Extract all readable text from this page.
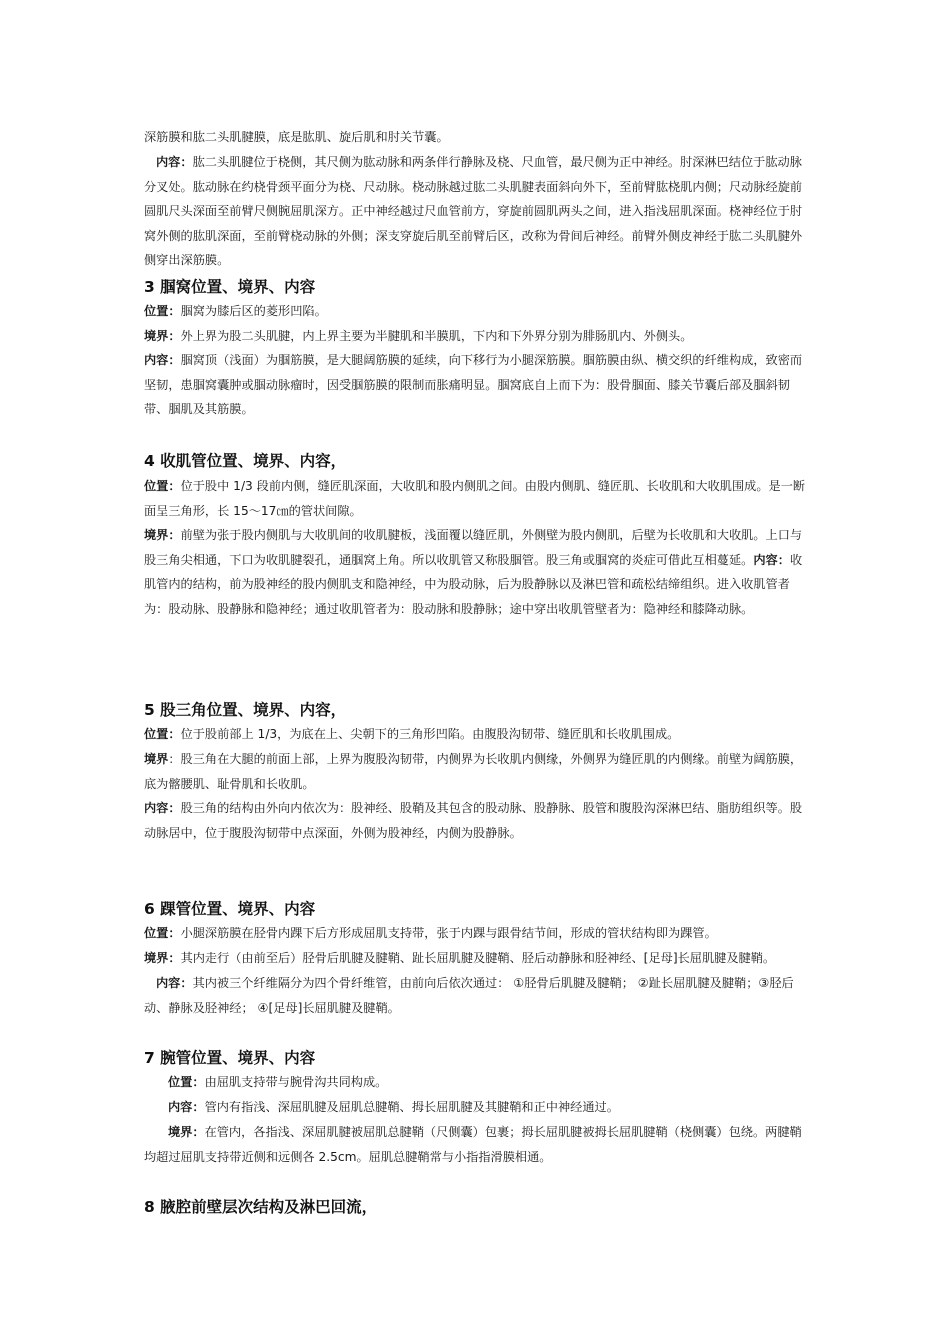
深筋膜和肱二头肌腱膜，底是肱肌、旋后肌和肘关节囊。

内容：肱二头肌腱位于桡侧，其尺侧为肱动脉和两条伴行静脉及桡、尺血管，最尺侧为正中神经。肘深淋巴结位于肱动脉分叉处。肱动脉在约桡骨颈平面分为桡、尺动脉。桡动脉越过肱二头肌腱表面斜向外下，至前臂肱桡肌内侧；尺动脉经旋前圆肌尺头深面至前臂尺侧腕屈肌深方。正中神经越过尺血管前方，穿旋前圆肌两头之间，进入指浅屈肌深面。桡神经位于肘窝外侧的肱肌深面，至前臂桡动脉的外侧；深支穿旋后肌至前臂后区，改称为骨间后神经。前臂外侧皮神经于肱二头肌腱外侧穿出深筋膜。

3 腘窝位置、境界、内容

位置：腘窝为膝后区的菱形凹陷。

境界：外上界为股二头肌腱，内上界主要为半腱肌和半膜肌，下内和下外界分别为腓肠肌内、外侧头。

内容：腘窝顶（浅面）为腘筋膜，是大腿阔筋膜的延续，向下移行为小腿深筋膜。腘筋膜由纵、横交织的纤维构成，致密而坚韧，患腘窝囊肿或腘动脉瘤时，因受腘筋膜的限制而胀痛明显。腘窝底自上而下为：股骨腘面、膝关节囊后部及腘斜韧带、腘肌及其筋膜。

4 收肌管位置、境界、内容，

位置：位于股中 1/3 段前内侧，缝匠肌深面，大收肌和股内侧肌之间。由股内侧肌、缝匠肌、长收肌和大收肌围成。是一断面呈三角形，长 15～17㎝的管状间隙。

境界：前壁为张于股内侧肌与大收肌间的收肌腱板，浅面覆以缝匠肌，外侧壁为股内侧肌，后壁为长收肌和大收肌。上口与股三角尖相通，下口为收肌腱裂孔，通腘窝上角。所以收肌管又称股腘管。股三角或腘窝的炎症可借此互相蔓延。内容：收肌管内的结构，前为股神经的股内侧肌支和隐神经，中为股动脉，后为股静脉以及淋巴管和疏松结缔组织。进入收肌管者为：股动脉、股静脉和隐神经；通过收肌管者为：股动脉和股静脉；途中穿出收肌管壁者为：隐神经和膝降动脉。

5 股三角位置、境界、内容，

位置：位于股前部上 1/3，为底在上、尖朝下的三角形凹陷。由腹股沟韧带、缝匠肌和长收肌围成。

境界：股三角在大腿的前面上部，上界为腹股沟韧带，内侧界为长收肌内侧缘，外侧界为缝匠肌的内侧缘。前壁为阔筋膜，底为髂腰肌、耻骨肌和长收肌。

内容：股三角的结构由外向内依次为：股神经、股鞘及其包含的股动脉、股静脉、股管和腹股沟深淋巴结、脂肪组织等。股动脉居中，位于腹股沟韧带中点深面，外侧为股神经，内侧为股静脉。

6 踝管位置、境界、内容

位置：小腿深筋膜在胫骨内踝下后方形成屈肌支持带，张于内踝与跟骨结节间，形成的管状结构即为踝管。

境界：其内走行（由前至后）胫骨后肌腱及腱鞘、趾长屈肌腱及腱鞘、胫后动静脉和胫神经、[足母]长屈肌腱及腱鞘。

内容：其内被三个纤维隔分为四个骨纤维管，由前向后依次通过： ①胫骨后肌腱及腱鞘； ②趾长屈肌腱及腱鞘；③胫后动、静脉及胫神经； ④[足母]长屈肌腱及腱鞘。

7 腕管位置、境界、内容

位置：由屈肌支持带与腕骨沟共同构成。

内容：管内有指浅、深屈肌腱及屈肌总腱鞘、拇长屈肌腱及其腱鞘和正中神经通过。

境界：在管内，各指浅、深屈肌腱被屈肌总腱鞘（尺侧囊）包裹；拇长屈肌腱被拇长屈肌腱鞘（桡侧囊）包绕。两腱鞘均超过屈肌支持带近侧和远侧各 2.5cm。屈肌总腱鞘常与小指指滑膜相通。

8 腋腔前壁层次结构及淋巴回流，
